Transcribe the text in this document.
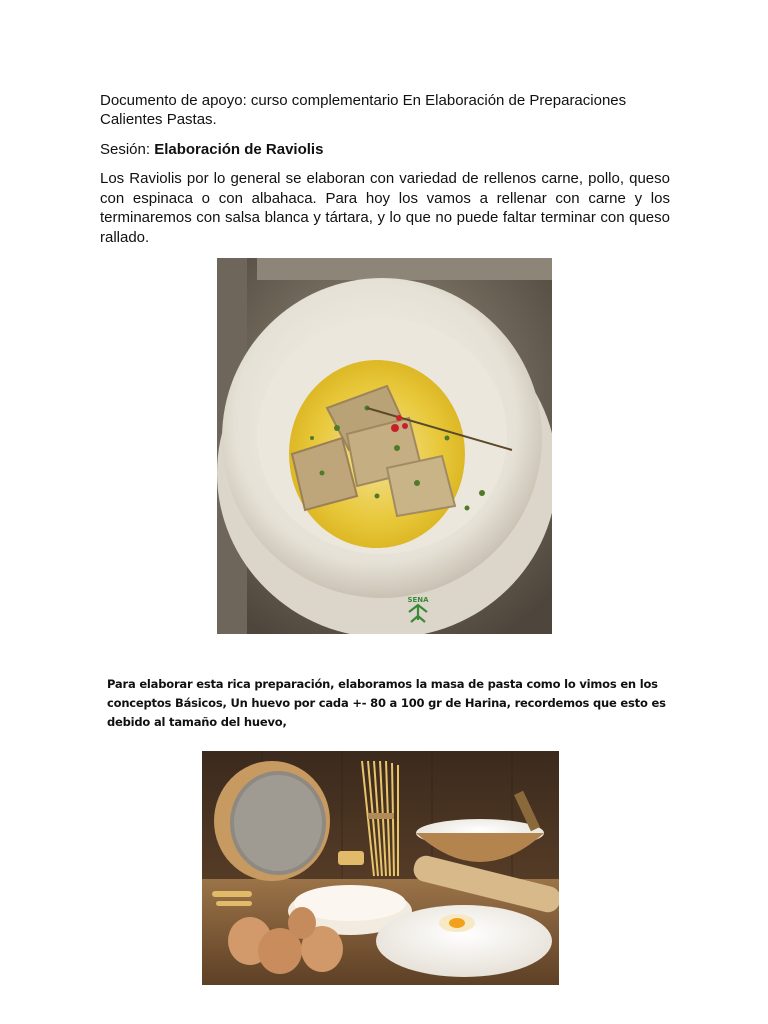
Documento de apoyo: curso complementario En Elaboración de Preparaciones Calientes Pastas.
Sesión: Elaboración de Raviolis
Los Raviolis por lo general se elaboran con variedad de rellenos carne, pollo, queso con espinaca o con albahaca. Para hoy los vamos a rellenar con carne y los terminaremos con salsa blanca y tártara, y lo que no puede faltar terminar con queso rallado.
SENA
Para elaborar esta rica preparación, elaboramos la masa de pasta como lo vimos en los conceptos Básicos, Un huevo por cada +- 80 a 100 gr de Harina, recordemos que esto es debido al tamaño del huevo,
